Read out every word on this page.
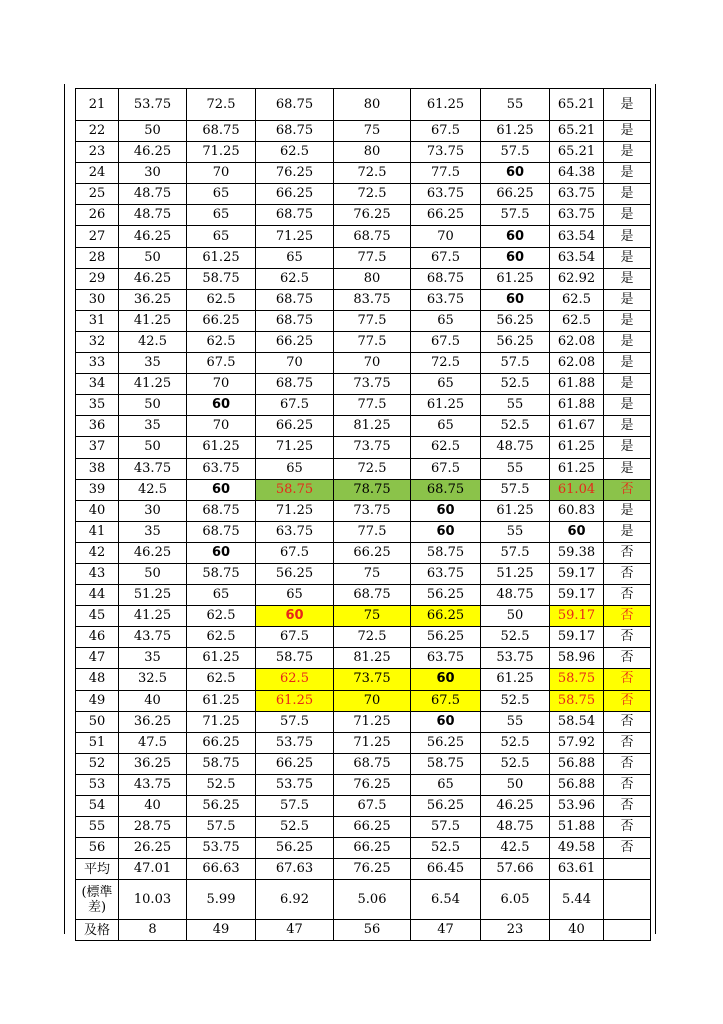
21	53.75	72.5	68.75	80	61.25	55	65.21	是
22	50	68.75	68.75	75	67.5	61.25	65.21	是
23	46.25	71.25	62.5	80	73.75	57.5	65.21	是
24	30	70	76.25	72.5	77.5	60	64.38	是
25	48.75	65	66.25	72.5	63.75	66.25	63.75	是
26	48.75	65	68.75	76.25	66.25	57.5	63.75	是
27	46.25	65	71.25	68.75	70	60	63.54	是
28	50	61.25	65	77.5	67.5	60	63.54	是
29	46.25	58.75	62.5	80	68.75	61.25	62.92	是
30	36.25	62.5	68.75	83.75	63.75	60	62.5	是
31	41.25	66.25	68.75	77.5	65	56.25	62.5	是
32	42.5	62.5	66.25	77.5	67.5	56.25	62.08	是
33	35	67.5	70	70	72.5	57.5	62.08	是
34	41.25	70	68.75	73.75	65	52.5	61.88	是
35	50	60	67.5	77.5	61.25	55	61.88	是
36	35	70	66.25	81.25	65	52.5	61.67	是
37	50	61.25	71.25	73.75	62.5	48.75	61.25	是
38	43.75	63.75	65	72.5	67.5	55	61.25	是
39	42.5	60	58.75	78.75	68.75	57.5	61.04	否
40	30	68.75	71.25	73.75	60	61.25	60.83	是
41	35	68.75	63.75	77.5	60	55	60	是
42	46.25	60	67.5	66.25	58.75	57.5	59.38	否
43	50	58.75	56.25	75	63.75	51.25	59.17	否
44	51.25	65	65	68.75	56.25	48.75	59.17	否
45	41.25	62.5	60	75	66.25	50	59.17	否
46	43.75	62.5	67.5	72.5	56.25	52.5	59.17	否
47	35	61.25	58.75	81.25	63.75	53.75	58.96	否
48	32.5	62.5	62.5	73.75	60	61.25	58.75	否
49	40	61.25	61.25	70	67.5	52.5	58.75	否
50	36.25	71.25	57.5	71.25	60	55	58.54	否
51	47.5	66.25	53.75	71.25	56.25	52.5	57.92	否
52	36.25	58.75	66.25	68.75	58.75	52.5	56.88	否
53	43.75	52.5	53.75	76.25	65	50	56.88	否
54	40	56.25	57.5	67.5	56.25	46.25	53.96	否
55	28.75	57.5	52.5	66.25	57.5	48.75	51.88	否
56	26.25	53.75	56.25	66.25	52.5	42.5	49.58	否
平均	47.01	66.63	67.63	76.25	66.45	57.66	63.61	

(標準
差)	10.03	5.99	6.92	5.06	6.54	6.05	5.44	
及格	8	49	47	56	47	23	40	
